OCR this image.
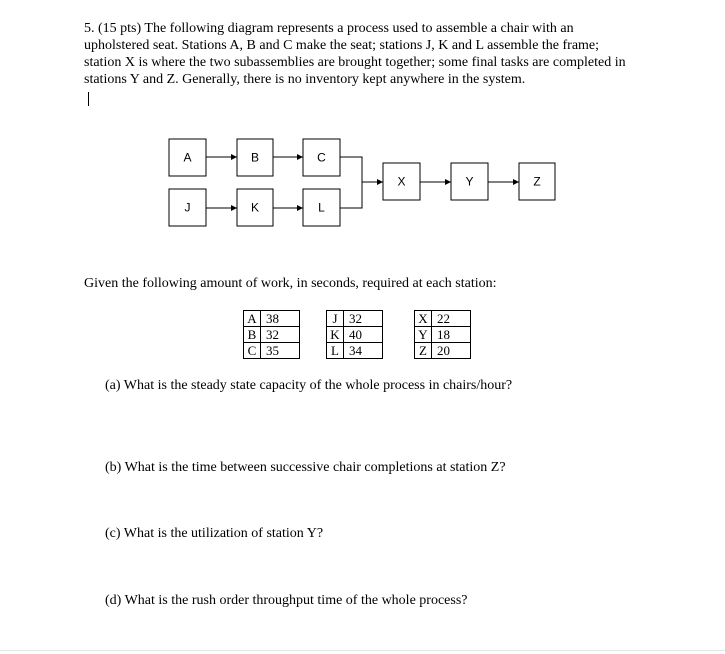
5. (15 pts) The following diagram represents a process used to assemble a chair with an
upholstered seat. Stations A, B and C make the seat; stations J, K and L assemble the frame;
station X is where the two subassemblies are brought together; some final tasks are completed in
stations Y and Z. Generally, there is no inventory kept anywhere in the system.
A	B	C
J	K	L
X	Y	Z

Given the following amount of work, in seconds, required at each station:

A	38
B	32
C	35
J	32
K	40
L	34
X	22
Y	18
Z	20

(a) What is the steady state capacity of the whole process in chairs/hour?

(b) What is the time between successive chair completions at station Z?

(c) What is the utilization of station Y?

(d) What is the rush order throughput time of the whole process?
